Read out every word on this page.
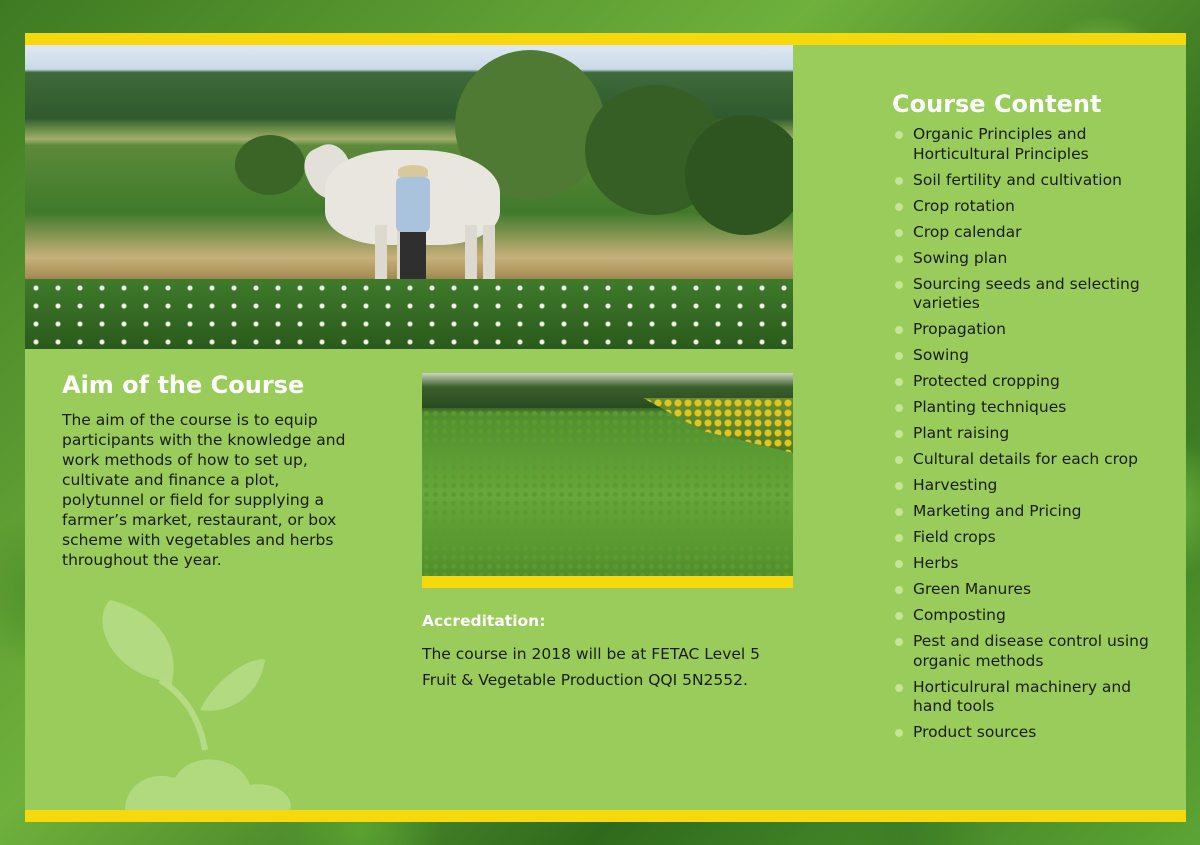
Aim of the Course

The aim of the course is to equip participants with the knowledge and work methods of how to set up, cultivate and finance a plot, polytunnel or field for supplying a farmer’s market, restaurant, or box scheme with vegetables and herbs throughout the year.

Accreditation:

The course in 2018 will be at FETAC Level 5
Fruit & Vegetable Production QQI 5N2552.

Course Content
Organic Principles and Horticultural Principles
Soil fertility and cultivation
Crop rotation
Crop calendar
Sowing plan
Sourcing seeds and selecting varieties
Propagation
Sowing
Protected cropping
Planting techniques
Plant raising
Cultural details for each crop
Harvesting
Marketing and Pricing
Field crops
Herbs
Green Manures
Composting
Pest and disease control using organic methods
Horticulrural machinery and hand tools
Product sources
